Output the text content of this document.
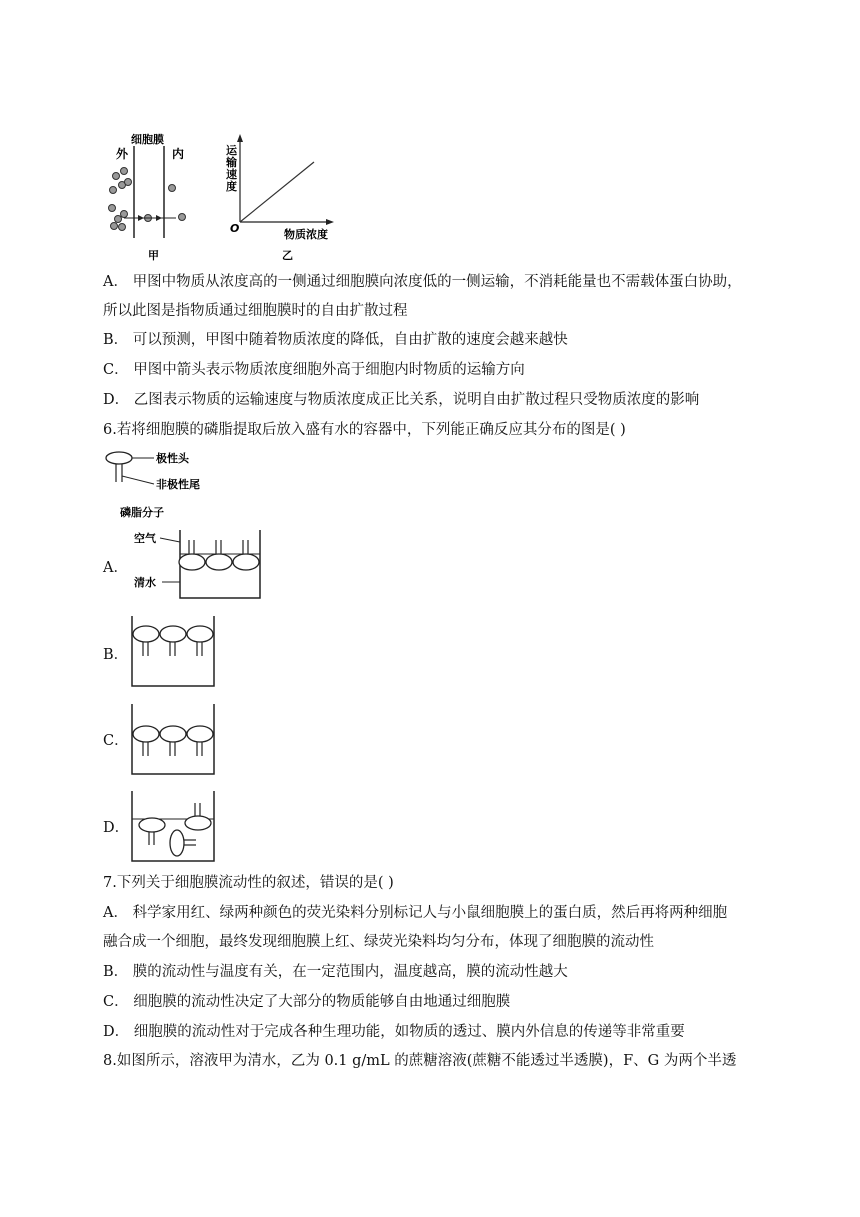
细胞膜
外	内
甲
运
输
速
度
O	物质浓度
乙
A． 甲图中物质从浓度高的一侧通过细胞膜向浓度低的一侧运输，不消耗能量也不需载体蛋白协助，
所以此图是指物质通过细胞膜时的自由扩散过程
B． 可以预测，甲图中随着物质浓度的降低，自由扩散的速度会越来越快
C． 甲图中箭头表示物质浓度细胞外高于细胞内时物质的运输方向
D． 乙图表示物质的运输速度与物质浓度成正比关系，说明自由扩散过程只受物质浓度的影响
6.若将细胞膜的磷脂提取后放入盛有水的容器中，下列能正确反应其分布的图是( )
极性头
非极性尾
磷脂分子
A．
空气
清水
B．
C．
D．
7.下列关于细胞膜流动性的叙述，错误的是( )
A． 科学家用红、绿两种颜色的荧光染料分别标记人与小鼠细胞膜上的蛋白质，然后再将两种细胞
融合成一个细胞，最终发现细胞膜上红、绿荧光染料均匀分布，体现了细胞膜的流动性
B． 膜的流动性与温度有关，在一定范围内，温度越高，膜的流动性越大
C． 细胞膜的流动性决定了大部分的物质能够自由地通过细胞膜
D． 细胞膜的流动性对于完成各种生理功能，如物质的透过、膜内外信息的传递等非常重要
8.如图所示，溶液甲为清水，乙为 0.1 g/mL 的蔗糖溶液(蔗糖不能透过半透膜)，F、G 为两个半透
